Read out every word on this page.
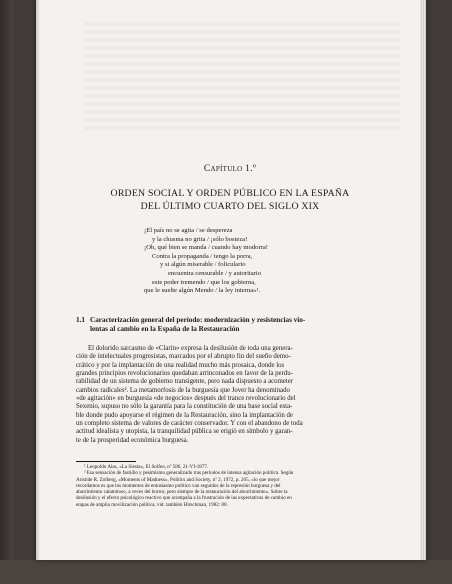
Capítulo 1.º
ORDEN SOCIAL Y ORDEN PÚBLICO EN LA ESPAÑA
DEL ÚLTIMO CUARTO DEL SIGLO XIX
¡El país no se agita / se despereza
y la chusma no grita / ¡sólo bosteza!
¡Oh, qué bien se manda / cuando hay modorra!
Contra la propaganda / tengo la porra,
y si algún miserable / foliculario
encuentra censurable / y autoritario
este poder tremendo / que los gobierna,
que le suelte algún Mendo / la ley interna»¹.
1.1 Caracterización general del período: modernización y resistencias vio-
lentas al cambio en la España de la Restauración
El dolorido sarcasmo de «Clarín» expresa la desilusión de toda una genera-
ción de intelectuales progresistas, marcados por el abrupto fin del sueño demo-
crático y por la implantación de una realidad mucho más prosaica, donde los
grandes principios revolucionarios quedaban arrinconados en favor de la perdu-
rabilidad de un sistema de gobierno transigente, pero nada dispuesto a acometer
cambios radicales². La metamorfosis de la burguesía que Jover ha denominado
«de agitación» en burguesía «de negocios» después del trance revolucionario del
Sexenio, supuso no sólo la garantía para la constitución de una base social esta-
ble donde pudo apoyarse el régimen de la Restauración, sino la implantación de
un completo sistema de valores de carácter conservador. Y con el abandono de toda
actitud idealista y utopista, la tranquilidad pública se erigió en símbolo y garan-
te de la prosperidad económica burguesa.
¹ Leopoldo Alas, «La Siesta», El Solfeo, nº 586, 21-VI-1877.
² Esa sensación de fastidio y pesimismo generalizado tras períodos de intensa agitación política. Según
Aristide R. Zolberg, «Moments of Madness», Politics and Society, nº 2, 1972, p. 205, «lo que mejor
recordamos es que los momentos de entusiasmo político van seguidos de la represión burguesa y del
aburrimiento calamitoso, a veces del horror, pero siempre de la restauración del aburrimiento». Sobre la
desilusión y el efecto psicológico reactivo que acompaña a la frustración de las expectativas de cambio en
etapas de amplia movilización política, vid. también Hirschman, 1982: 80.
